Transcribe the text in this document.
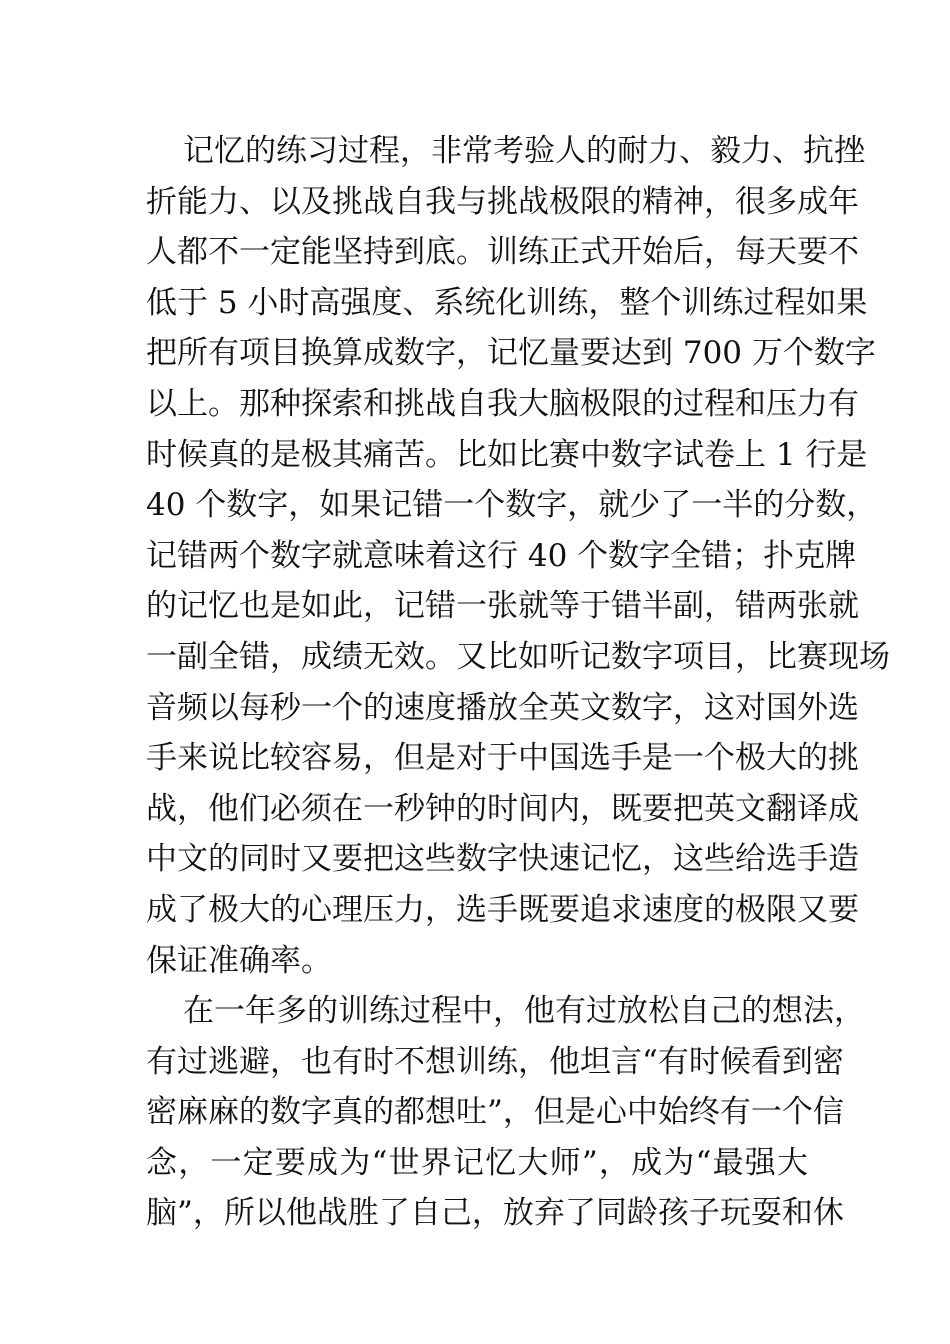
记忆的练习过程，非常考验人的耐力、毅力、抗挫
折能力、以及挑战自我与挑战极限的精神，很多成年
人都不一定能坚持到底。训练正式开始后，每天要不
低于 5 小时高强度、系统化训练，整个训练过程如果
把所有项目换算成数字，记忆量要达到 700 万个数字
以上。那种探索和挑战自我大脑极限的过程和压力有
时候真的是极其痛苦。比如比赛中数字试卷上 1 行是
40 个数字，如果记错一个数字，就少了一半的分数，
记错两个数字就意味着这行 40 个数字全错；扑克牌
的记忆也是如此，记错一张就等于错半副，错两张就
一副全错，成绩无效。又比如听记数字项目，比赛现场
音频以每秒一个的速度播放全英文数字，这对国外选
手来说比较容易，但是对于中国选手是一个极大的挑
战，他们必须在一秒钟的时间内，既要把英文翻译成
中文的同时又要把这些数字快速记忆，这些给选手造
成了极大的心理压力，选手既要追求速度的极限又要
保证准确率。
在一年多的训练过程中，他有过放松自己的想法，
有过逃避，也有时不想训练，他坦言“有时候看到密
密麻麻的数字真的都想吐”，但是心中始终有一个信
念，一定要成为“世界记忆大师”，成为“最强大
脑”，所以他战胜了自己，放弃了同龄孩子玩耍和休
